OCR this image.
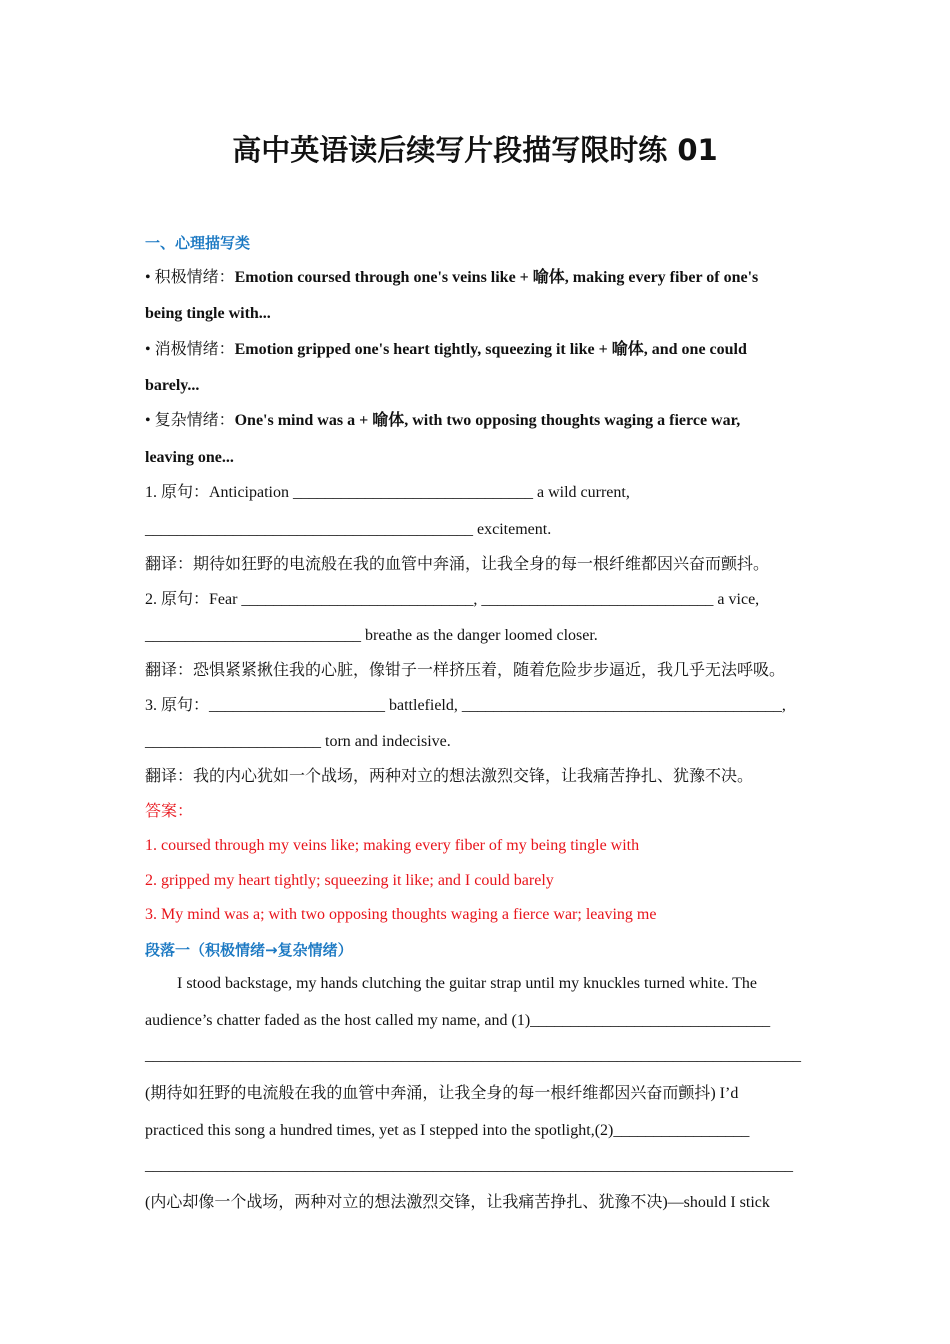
高中英语读后续写片段描写限时练 01
一、心理描写类
• 积极情绪：Emotion coursed through one's veins like + 喻体, making every fiber of one's
being tingle with...
• 消极情绪：Emotion gripped one's heart tightly, squeezing it like + 喻体, and one could
barely...
• 复杂情绪：One's mind was a + 喻体, with two opposing thoughts waging a fierce war,
leaving one...
1. 原句：Anticipation ______________________________ a wild current,
_________________________________________ excitement.
翻译：期待如狂野的电流般在我的血管中奔涌，让我全身的每一根纤维都因兴奋而颤抖。
2. 原句：Fear _____________________________, _____________________________ a vice,
___________________________ breathe as the danger loomed closer.
翻译：恐惧紧紧揪住我的心脏，像钳子一样挤压着，随着危险步步逼近，我几乎无法呼吸。
3. 原句：______________________ battlefield, ________________________________________,
______________________ torn and indecisive.
翻译：我的内心犹如一个战场，两种对立的想法激烈交锋，让我痛苦挣扎、犹豫不决。
答案：
1. coursed through my veins like; making every fiber of my being tingle with
2. gripped my heart tightly; squeezing it like; and I could barely
3. My mind was a; with two opposing thoughts waging a fierce war; leaving me
段落一（积极情绪→复杂情绪）
I stood backstage, my hands clutching the guitar strap until my knuckles turned white. The
audience’s chatter faded as the host called my name, and (1)______________________________
__________________________________________________________________________________
(期待如狂野的电流般在我的血管中奔涌，让我全身的每一根纤维都因兴奋而颤抖) I’d
practiced this song a hundred times, yet as I stepped into the spotlight,(2)_________________
_________________________________________________________________________________
(内心却像一个战场，两种对立的想法激烈交锋，让我痛苦挣扎、犹豫不决)—should I stick
